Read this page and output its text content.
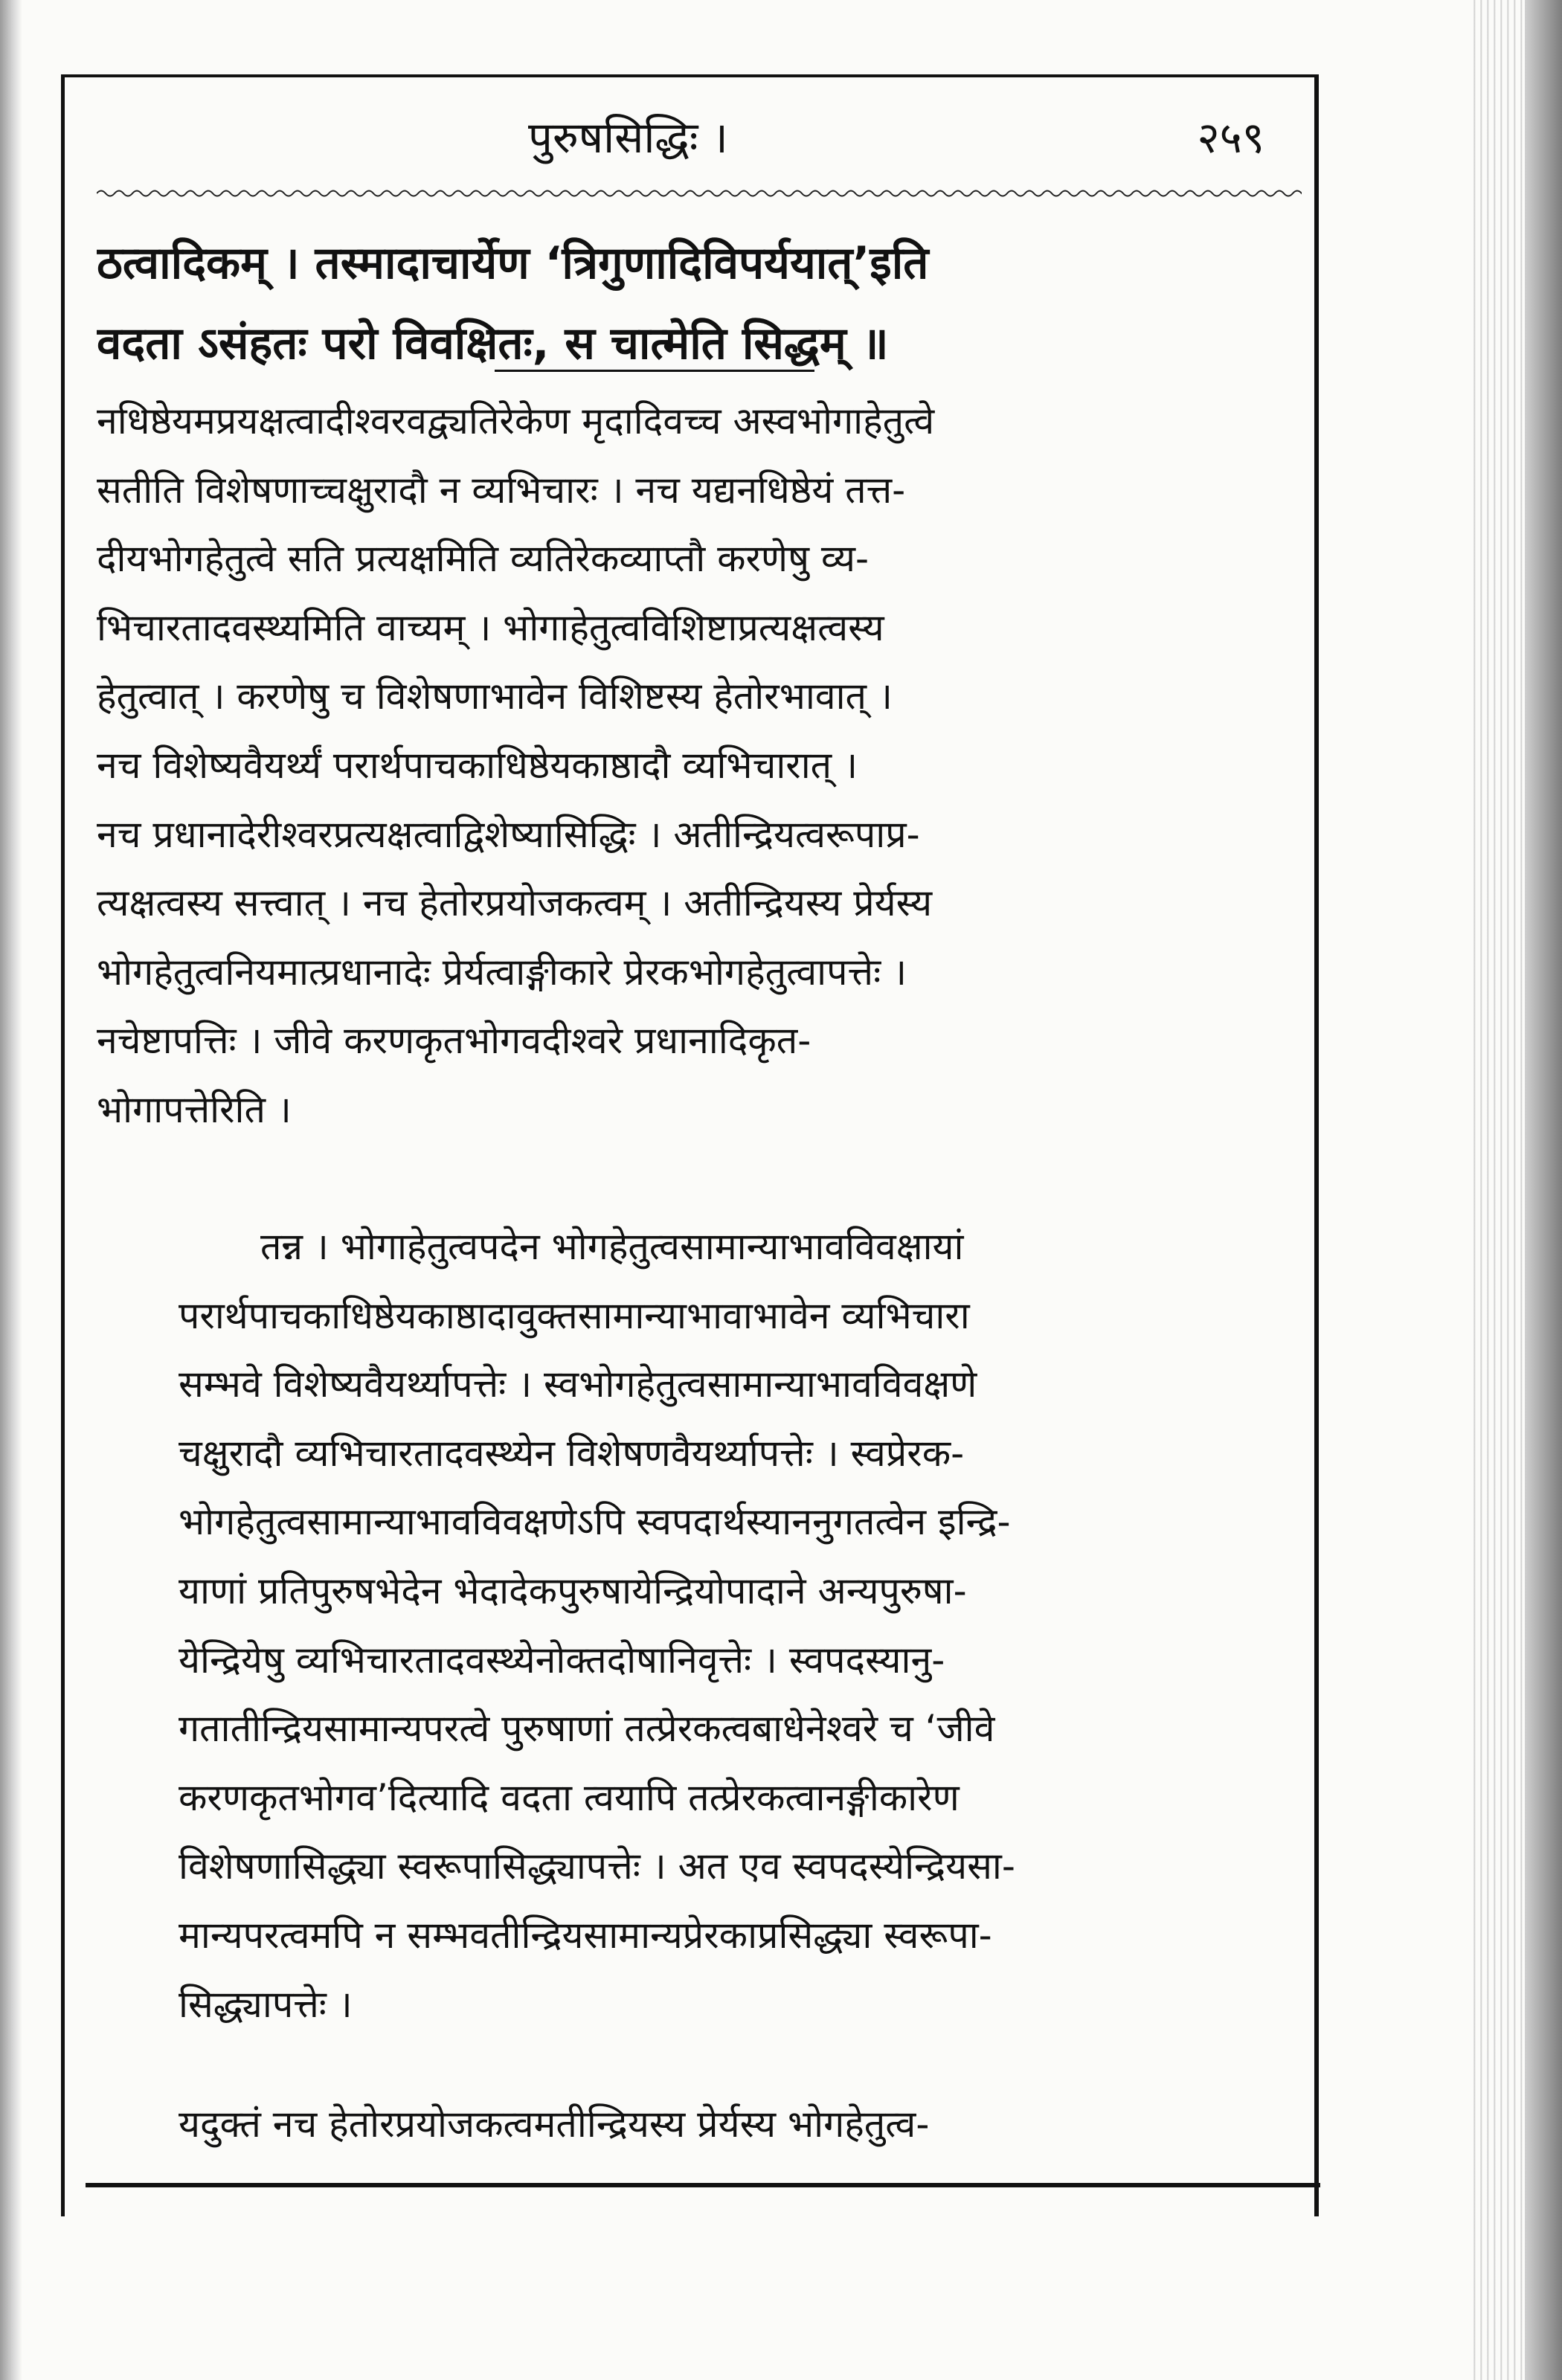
पुरुषसिद्धिः ।	२५९
ठत्वादिकम् । तस्मादाचार्येण ‘त्रिगुणादिविपर्ययात्’इति
वदता ऽसंहतः परो विवक्षितः, स चात्मेति सिद्धम् ॥
नधिष्ठेयमप्रयक्षत्वादीश्वरवद्व्यतिरेकेण मृदादिवच्च अस्वभोगाहेतुत्वे
सतीति विशेषणाच्चक्षुरादौ न व्यभिचारः । नच यद्यनधिष्ठेयं तत्त-
दीयभोगहेतुत्वे सति प्रत्यक्षमिति व्यतिरेकव्याप्तौ करणेषु व्य-
भिचारतादवस्थ्यमिति वाच्यम् । भोगाहेतुत्वविशिष्टाप्रत्यक्षत्वस्य
हेतुत्वात् । करणेषु च विशेषणाभावेन विशिष्टस्य हेतोरभावात् ।
नच विशेष्यवैयर्थ्यं परार्थपाचकाधिष्ठेयकाष्ठादौ व्यभिचारात् ।
नच प्रधानादेरीश्वरप्रत्यक्षत्वाद्विशेष्यासिद्धिः । अतीन्द्रियत्वरूपाप्र-
त्यक्षत्वस्य सत्त्वात् । नच हेतोरप्रयोजकत्वम् । अतीन्द्रियस्य प्रेर्यस्य
भोगहेतुत्वनियमात्प्रधानादेः प्रेर्यत्वाङ्गीकारे प्रेरकभोगहेतुत्वापत्तेः ।
नचेष्टापत्तिः । जीवे करणकृतभोगवदीश्वरे प्रधानादिकृत-
भोगापत्तेरिति ।
तन्न । भोगाहेतुत्वपदेन भोगहेतुत्वसामान्याभावविवक्षायां
परार्थपाचकाधिष्ठेयकाष्ठादावुक्तसामान्याभावाभावेन व्यभिचारा
सम्भवे विशेष्यवैयर्थ्यापत्तेः । स्वभोगहेतुत्वसामान्याभावविवक्षणे
चक्षुरादौ व्यभिचारतादवस्थ्येन विशेषणवैयर्थ्यापत्तेः । स्वप्रेरक-
भोगहेतुत्वसामान्याभावविवक्षणेऽपि स्वपदार्थस्याननुगतत्वेन इन्द्रि-
याणां प्रतिपुरुषभेदेन भेदादेकपुरुषायेन्द्रियोपादाने अन्यपुरुषा-
येन्द्रियेषु व्यभिचारतादवस्थ्येनोक्तदोषानिवृत्तेः । स्वपदस्यानु-
गतातीन्द्रियसामान्यपरत्वे पुरुषाणां तत्प्रेरकत्वबाधेनेश्वरे च ‘जीवे
करणकृतभोगव’दित्यादि वदता त्वयापि तत्प्रेरकत्वानङ्गीकारेण
विशेषणासिद्ध्या स्वरूपासिद्ध्यापत्तेः । अत एव स्वपदस्येन्द्रियसा-
मान्यपरत्वमपि न सम्भवतीन्द्रियसामान्यप्रेरकाप्रसिद्ध्या स्वरूपा-
सिद्ध्यापत्तेः ।
यदुक्तं नच हेतोरप्रयोजकत्वमतीन्द्रियस्य प्रेर्यस्य भोगहेतुत्व-
